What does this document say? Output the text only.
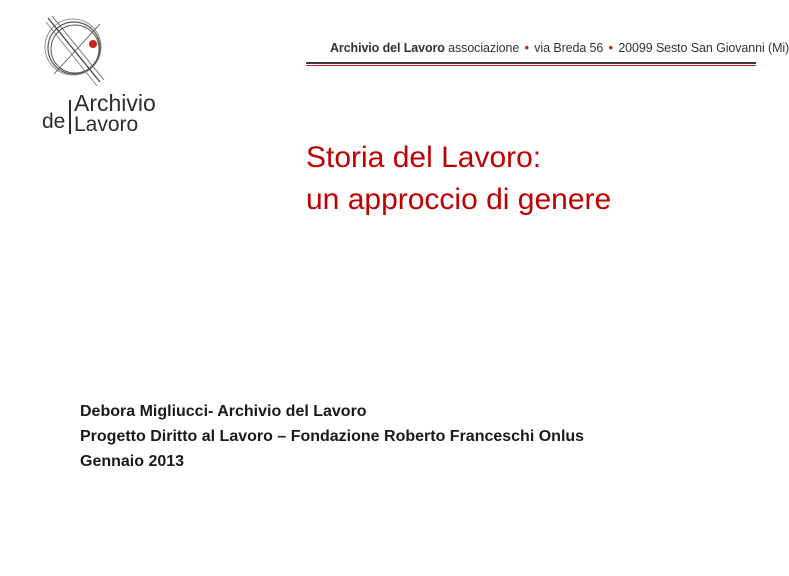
de
Archivio
Lavoro
Archivio del Lavoro associazione • via Breda 56 • 20099 Sesto San Giovanni (Mi)
Storia del Lavoro:
un approccio di genere
Debora Migliucci- Archivio del Lavoro
Progetto Diritto al Lavoro – Fondazione Roberto Franceschi Onlus
Gennaio 2013
